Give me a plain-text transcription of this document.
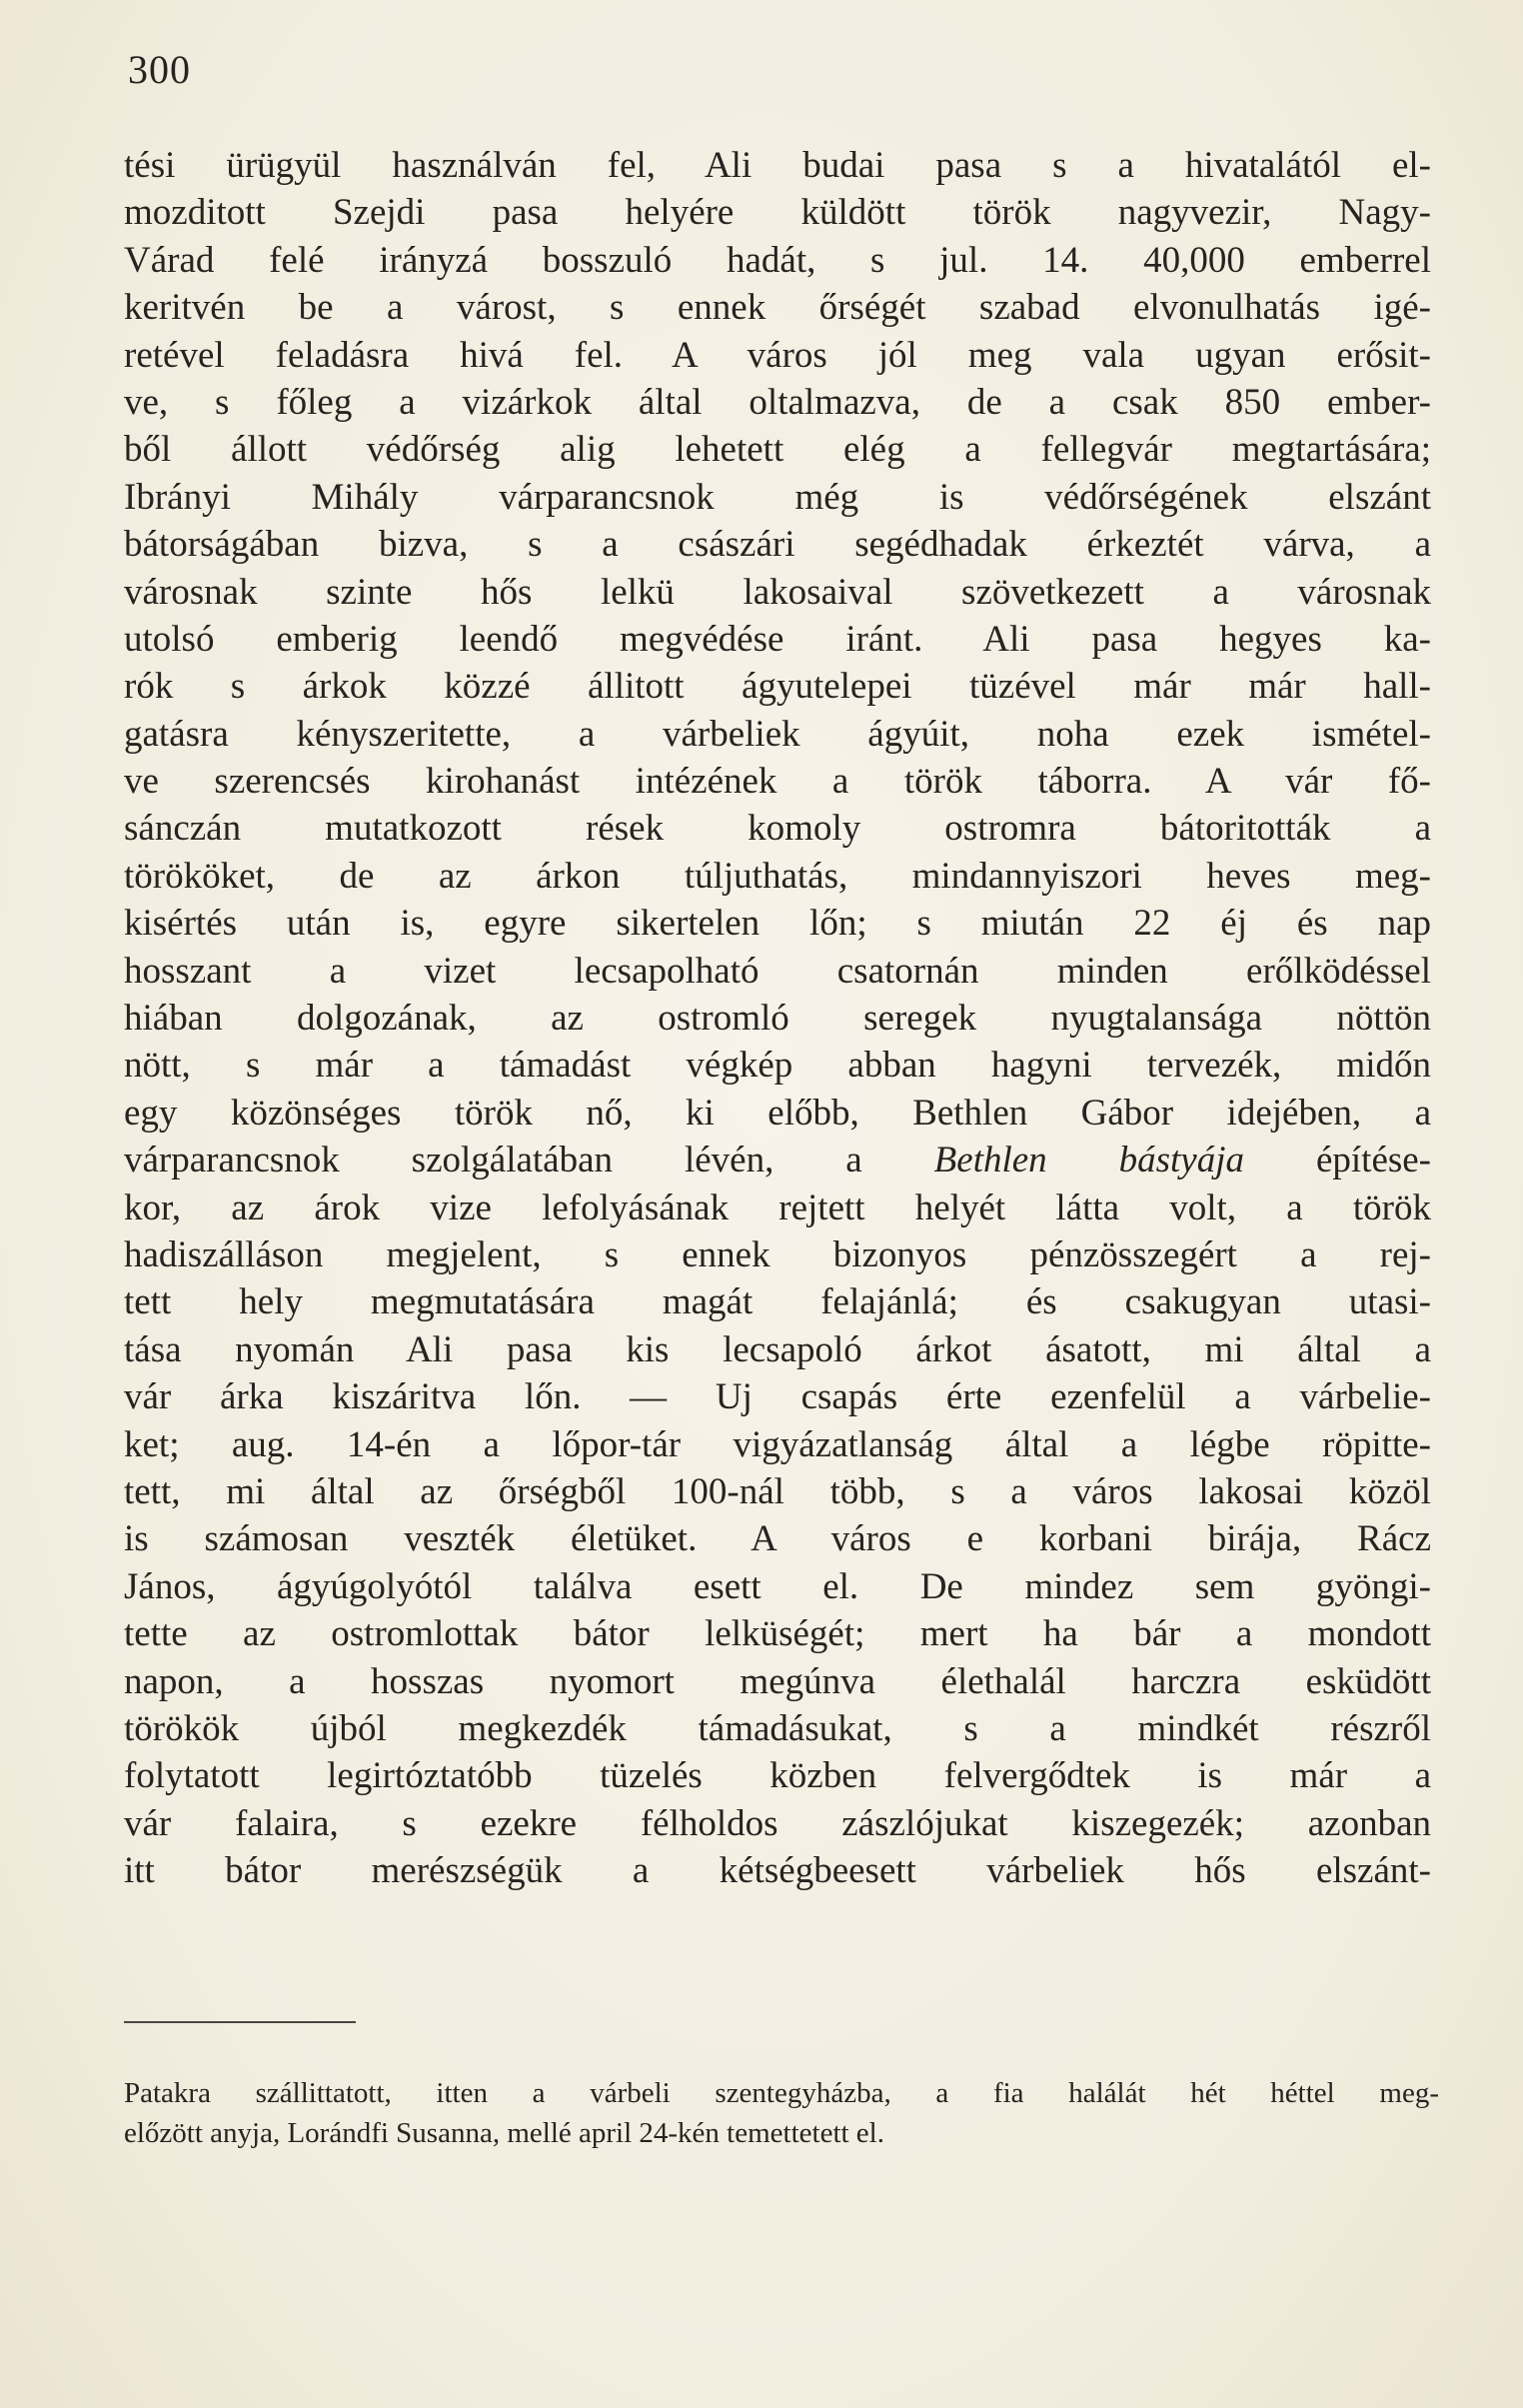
300
tési ürügyül használván fel, Ali budai pasa s a hivatalától el-
mozditott Szejdi pasa helyére küldött török nagyvezir, Nagy-
Várad felé irányzá bosszuló hadát, s jul. 14. 40,000 emberrel
keritvén be a várost, s ennek őrségét szabad elvonulhatás igé-
retével feladásra hivá fel. A város jól meg vala ugyan erősit-
ve, s főleg a vizárkok által oltalmazva, de a csak 850 ember-
ből állott védőrség alig lehetett elég a fellegvár megtartására;
Ibrányi Mihály várparancsnok még is védőrségének elszánt
bátorságában bizva, s a császári segédhadak érkeztét várva, a
városnak szinte hős lelkü lakosaival szövetkezett a városnak
utolsó emberig leendő megvédése iránt. Ali pasa hegyes ka-
rók s árkok közzé állitott ágyutelepei tüzével már már hall-
gatásra kényszeritette, a várbeliek ágyúit, noha ezek ismétel-
ve szerencsés kirohanást intézének a török táborra. A vár fő-
sánczán mutatkozott rések komoly ostromra bátoritották a
törököket, de az árkon túljuthatás, mindannyiszori heves meg-
kisértés után is, egyre sikertelen lőn; s miután 22 éj és nap
hosszant a vizet lecsapolható csatornán minden erőlködéssel
hiában dolgozának, az ostromló seregek nyugtalansága nöttön
nött, s már a támadást végkép abban hagyni tervezék, midőn
egy közönséges török nő, ki előbb, Bethlen Gábor idejében, a
várparancsnok szolgálatában lévén, a Bethlen bástyája építése-
kor, az árok vize lefolyásának rejtett helyét látta volt, a török
hadiszálláson megjelent, s ennek bizonyos pénzösszegért a rej-
tett hely megmutatására magát felajánlá; és csakugyan utasi-
tása nyomán Ali pasa kis lecsapoló árkot ásatott, mi által a
vár árka kiszáritva lőn. — Uj csapás érte ezenfelül a várbelie-
ket; aug. 14-én a lőpor-tár vigyázatlanság által a légbe röpitte-
tett, mi által az őrségből 100-nál több, s a város lakosai közöl
is számosan veszték életüket. A város e korbani birája, Rácz
János, ágyúgolyótól találva esett el. De mindez sem gyöngi-
tette az ostromlottak bátor lelküségét; mert ha bár a mondott
napon, a hosszas nyomort megúnva élethalál harczra esküdött
törökök újból megkezdék támadásukat, s a mindkét részről
folytatott legirtóztatóbb tüzelés közben felvergődtek is már a
vár falaira, s ezekre félholdos zászlójukat kiszegezék; azonban
itt bátor merészségük a kétségbeesett várbeliek hős elszánt-
Patakra szállittatott, itten a várbeli szentegyházba, a fia halálát hét héttel meg-
előzött anyja, Lorándfi Susanna, mellé april 24-kén temettetett el.
